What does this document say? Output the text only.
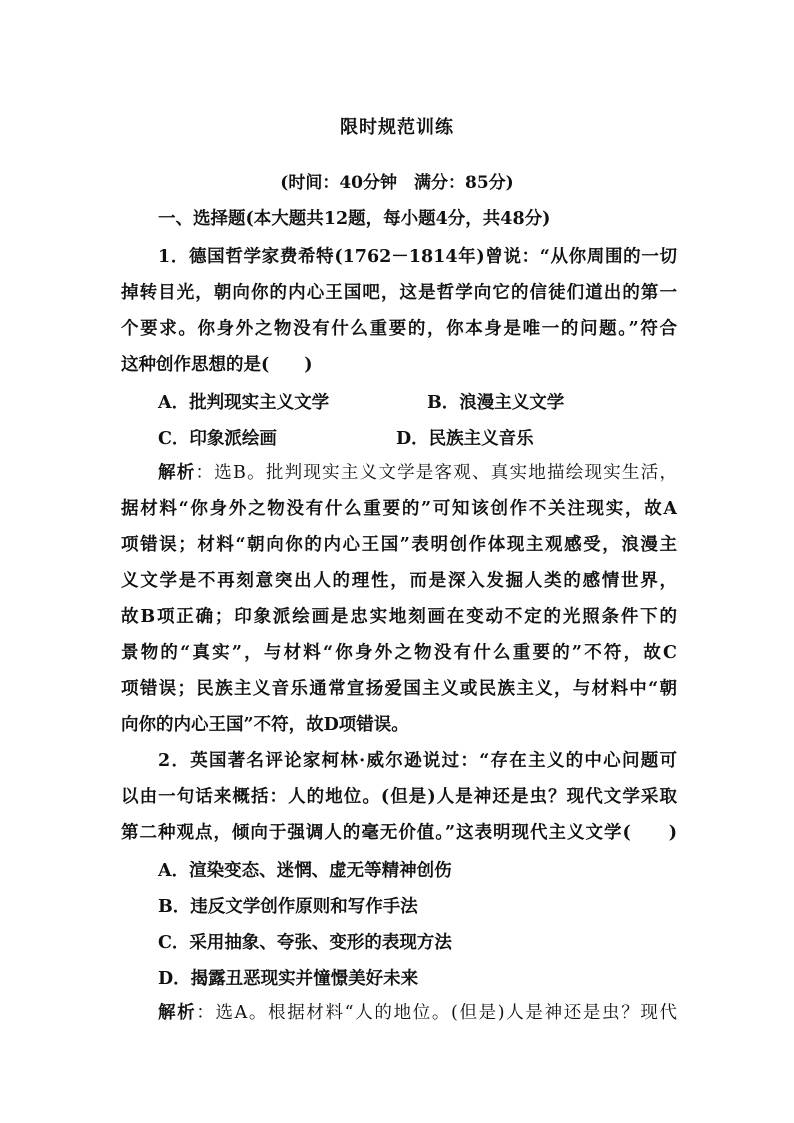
限时规范训练
(时间：40分钟　满分：85分)
一、选择题(本大题共12题，每小题4分，共48分)
1．德国哲学家费希特(1762－1814年)曾说：“从你周围的一切
掉转目光，朝向你的内心王国吧，这是哲学向它的信徒们道出的第一
个要求。你身外之物没有什么重要的，你本身是唯一的问题。”符合
这种创作思想的是(　　)
A．批判现实主义文学	B．浪漫主义文学
C．印象派绘画	D．民族主义音乐
解析：选B。批判现实主义文学是客观、真实地描绘现实生活，
据材料“你身外之物没有什么重要的”可知该创作不关注现实，故A
项错误；材料“朝向你的内心王国”表明创作体现主观感受，浪漫主
义文学是不再刻意突出人的理性，而是深入发掘人类的感情世界，
故B项正确；印象派绘画是忠实地刻画在变动不定的光照条件下的
景物的“真实”，与材料“你身外之物没有什么重要的”不符，故C
项错误；民族主义音乐通常宣扬爱国主义或民族主义，与材料中“朝
向你的内心王国”不符，故D项错误。
2．英国著名评论家柯林·威尔逊说过：“存在主义的中心问题可
以由一句话来概括：人的地位。(但是)人是神还是虫？现代文学采取
第二种观点，倾向于强调人的毫无价值。”这表明现代主义文学(　　)
A．渲染变态、迷惘、虚无等精神创伤
B．违反文学创作原则和写作手法
C．采用抽象、夸张、变形的表现方法
D．揭露丑恶现实并憧憬美好未来
解析：选A。根据材料“人的地位。(但是)人是神还是虫？现代
